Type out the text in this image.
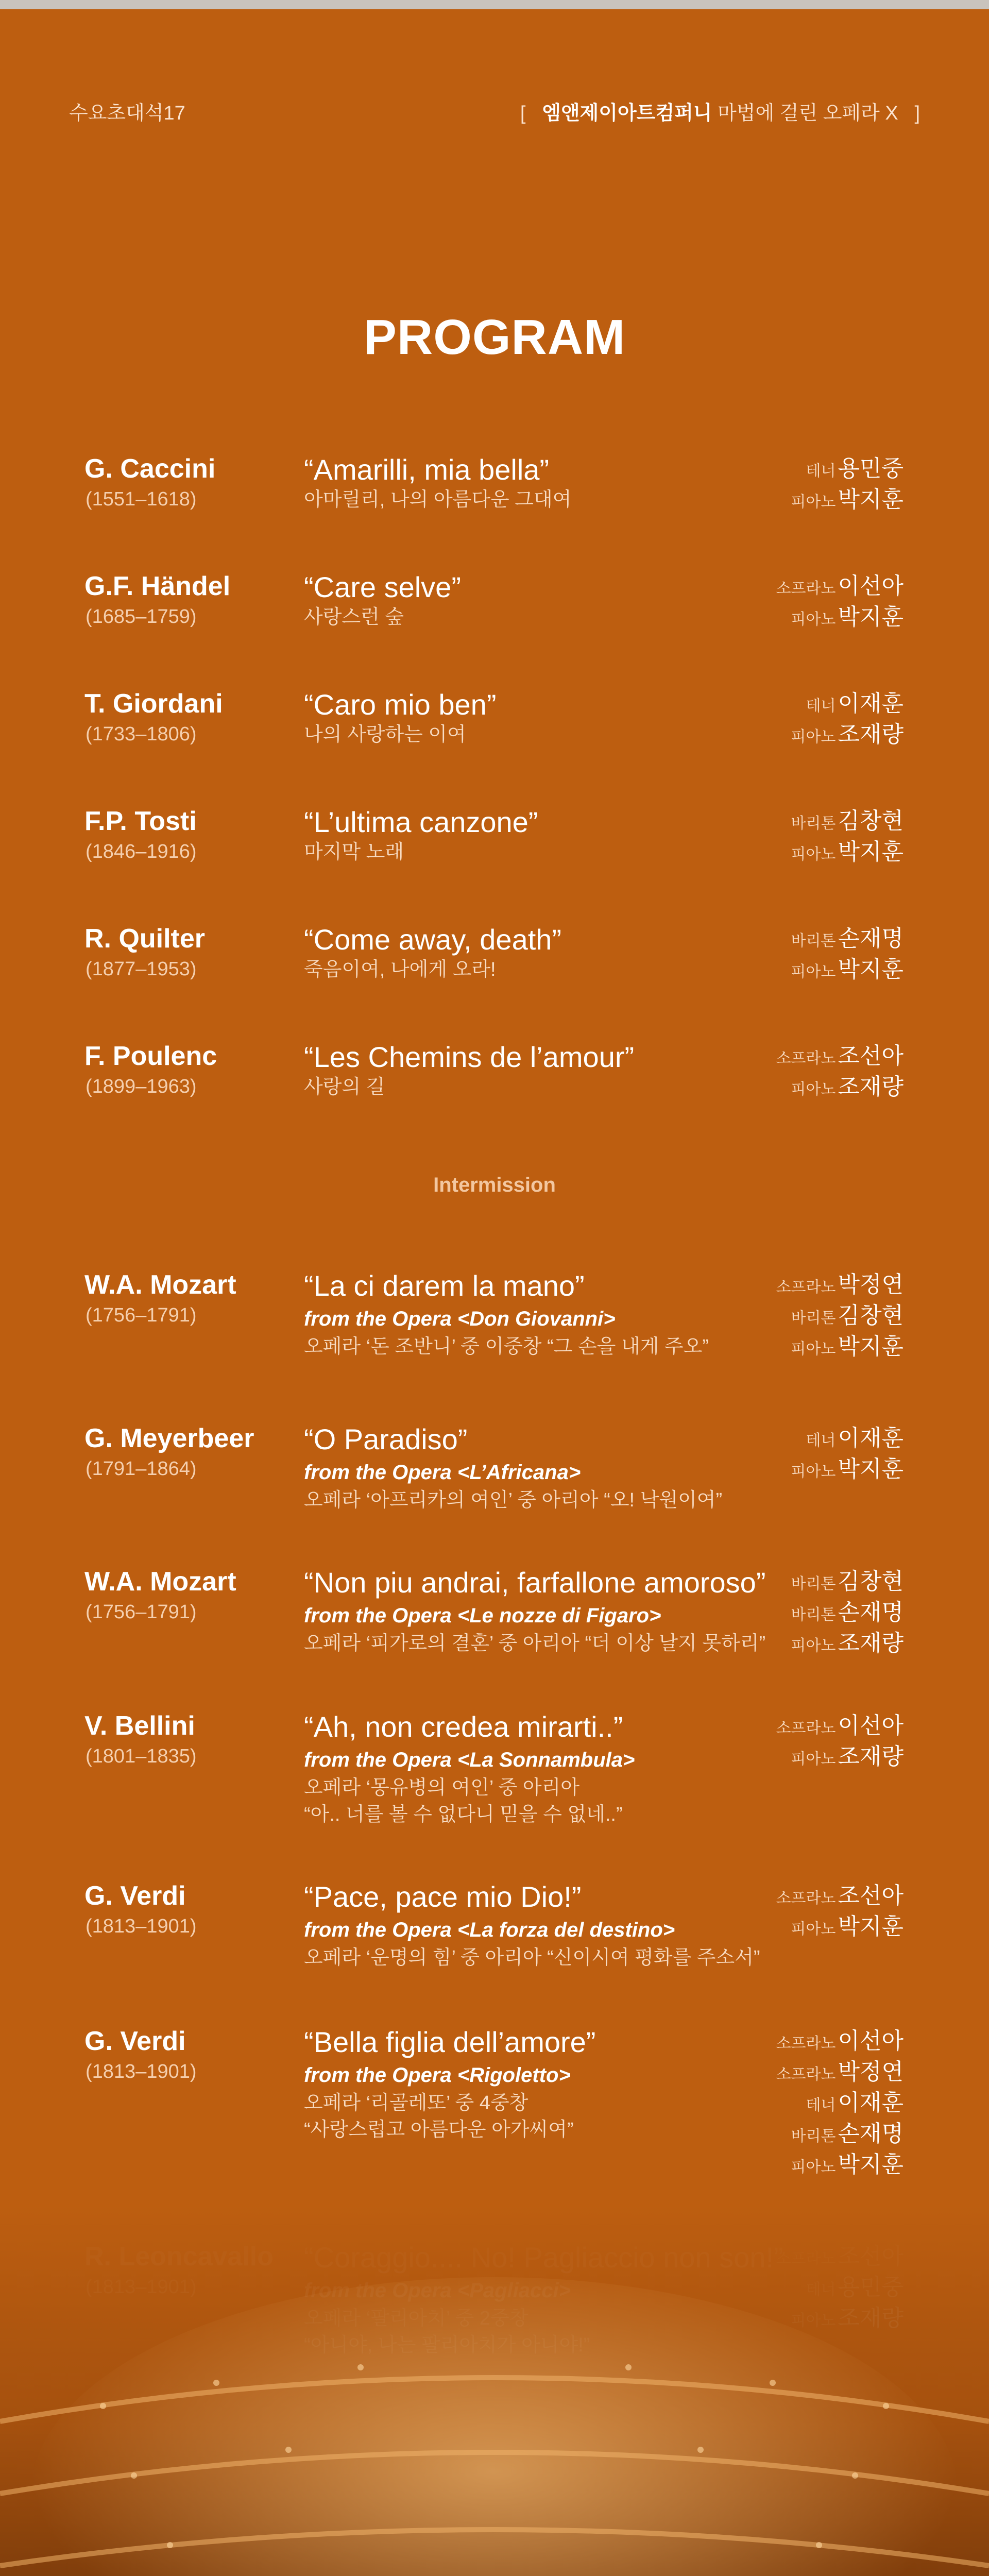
수요초대석17	[ 엠앤제이아트컴퍼니 마법에 걸린 오페라 X ]
PROGRAM
Intermission
G. Caccini
(1551–1618)
“Amarilli, mia bella”
아마릴리, 나의 아름다운 그대여
테너용민중
피아노박지훈
G.F. Händel
(1685–1759)
“Care selve”
사랑스런 숲
소프라노이선아
피아노박지훈
T. Giordani
(1733–1806)
“Caro mio ben”
나의 사랑하는 이여
테너이재훈
피아노조재량
F.P. Tosti
(1846–1916)
“L’ultima canzone”
마지막 노래
바리톤김창현
피아노박지훈
R. Quilter
(1877–1953)
“Come away, death”
죽음이여, 나에게 오라!
바리톤손재명
피아노박지훈
F. Poulenc
(1899–1963)
“Les Chemins de l’amour”
사랑의 길
소프라노조선아
피아노조재량
W.A. Mozart
(1756–1791)
“La ci darem la mano”
from the Opera <Don Giovanni>
오페라 ‘돈 조반니’ 중 이중창 “그 손을 내게 주오”
소프라노박정연
바리톤김창현
피아노박지훈
G. Meyerbeer
(1791–1864)
“O Paradiso”
from the Opera <L’Africana>
오페라 ‘아프리카의 여인’ 중 아리아 “오! 낙원이여”
테너이재훈
피아노박지훈
W.A. Mozart
(1756–1791)
“Non piu andrai, farfallone amoroso”
from the Opera <Le nozze di Figaro>
오페라 ‘피가로의 결혼’ 중 아리아 “더 이상 날지 못하리”
바리톤김창현
바리톤손재명
피아노조재량
V. Bellini
(1801–1835)
“Ah, non credea mirarti..”
from the Opera <La Sonnambula>
오페라 ‘몽유병의 여인’ 중 아리아
“아.. 너를 볼 수 없다니 믿을 수 없네..”
소프라노이선아
피아노조재량
G. Verdi
(1813–1901)
“Pace, pace mio Dio!”
from the Opera <La forza del destino>
오페라 ‘운명의 힘’ 중 아리아 “신이시여 평화를 주소서”
소프라노조선아
피아노박지훈
G. Verdi
(1813–1901)
“Bella figlia dell’amore”
from the Opera <Rigoletto>
오페라 ‘리골레또’ 중 4중창
“사랑스럽고 아름다운 아가씨여”
소프라노이선아
소프라노박정연
테너이재훈
바리톤손재명
피아노박지훈
